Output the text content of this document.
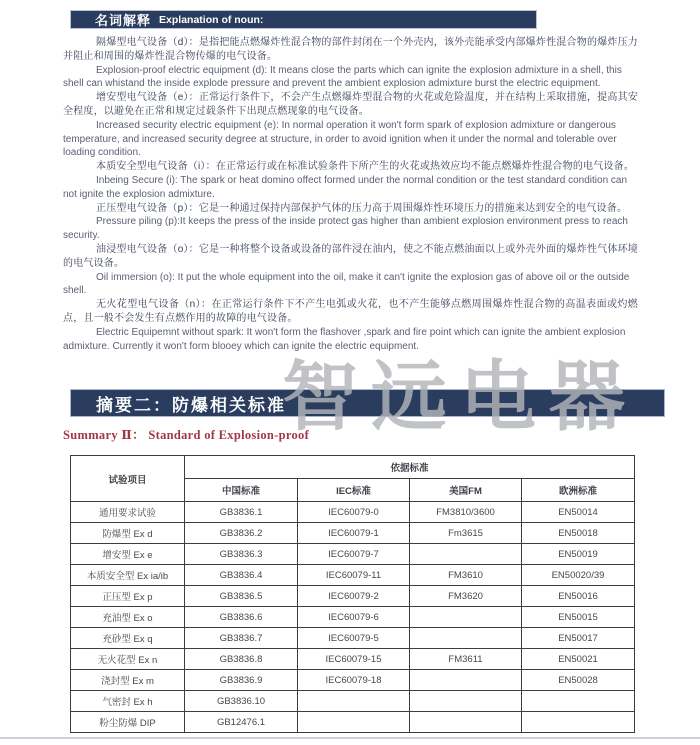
名词解释 Explanation of noun:

隔爆型电气设备（d）：是指把能点燃爆炸性混合物的部件封闭在一个外壳内，该外壳能承受内部爆炸性混合物的爆炸压力并阻止和周围的爆炸性混合物传爆的电气设备。

Explosion-proof electric equipment (d): It means close the parts which can ignite the explosion admixture in a shell, this shell can whistand the inside explode pressure and prevent the ambient explosion admixture burst the electric equipment.

增安型电气设备（e）：正常运行条件下，不会产生点燃爆炸型混合物的火花或危险温度，并在结构上采取措施，提高其安全程度，以避免在正常和规定过载条件下出现点燃现象的电气设备。

Increased security electric equipment (e): In normal operation it won't form spark of explosion admixture or dangerous temperature, and increased security degree at structure, in order to avoid ignition when it under the normal and tolerable over loading condition.

本质安全型电气设备（i）：在正常运行或在标准试验条件下所产生的火花或热效应均不能点燃爆炸性混合物的电气设备。

Inbeing Secure (i): The spark or heat domino offect formed under the normal condition or the test standard condition can not ignite the explosion admixture.

正压型电气设备（p）：它是一种通过保持内部保护气体的压力高于周围爆炸性环境压力的措施来达到安全的电气设备。

Pressure piling (p):It keeps the press of the inside protect gas higher than ambient explosion environment press to reach security.

油浸型电气设备（o）：它是一种将整个设备或设备的部件浸在油内，使之不能点燃油面以上或外壳外面的爆炸性气体环境的电气设备。

Oil immersion (o): It put the whole equipment into the oil, make it can't ignite the explosion gas of above oil or the outside shell.

无火花型电气设备（n）：在正常运行条件下不产生电弧或火花，也不产生能够点燃周围爆炸性混合物的高温表面或灼燃点，且一般不会发生有点燃作用的故障的电气设备。

Electric Equipemnt without spark: It won't form the flashover ,spark and fire point which can ignite the ambient explosion admixture. Currently it won't form blooey which can ignite the electric equipment.

摘要二：防爆相关标准
智远电器
Summary Ⅱ： Standard of Explosion-proof
试验项目	依据标准			
	中国标准	IEC标准	美国FM	欧洲标准
通用要求试验	GB3836.1	IEC60079-0	FM3810/3600	EN50014
防爆型 Ex d	GB3836.2	IEC60079-1	Fm3615	EN50018
增安型 Ex e	GB3836.3	IEC60079-7		EN50019
本质安全型 Ex ia/ib	GB3836.4	IEC60079-11	FM3610	EN50020/39
正压型 Ex p	GB3836.5	IEC60079-2	FM3620	EN50016
充油型 Ex o	GB3836.6	IEC60079-6		EN50015
充砂型 Ex q	GB3836.7	IEC60079-5		EN50017
无火花型 Ex n	GB3836.8	IEC60079-15	FM3611	EN50021
浇封型 Ex m	GB3836.9	IEC60079-18		EN50028
气密封 Ex h	GB3836.10			
粉尘防爆 DIP	GB12476.1			
